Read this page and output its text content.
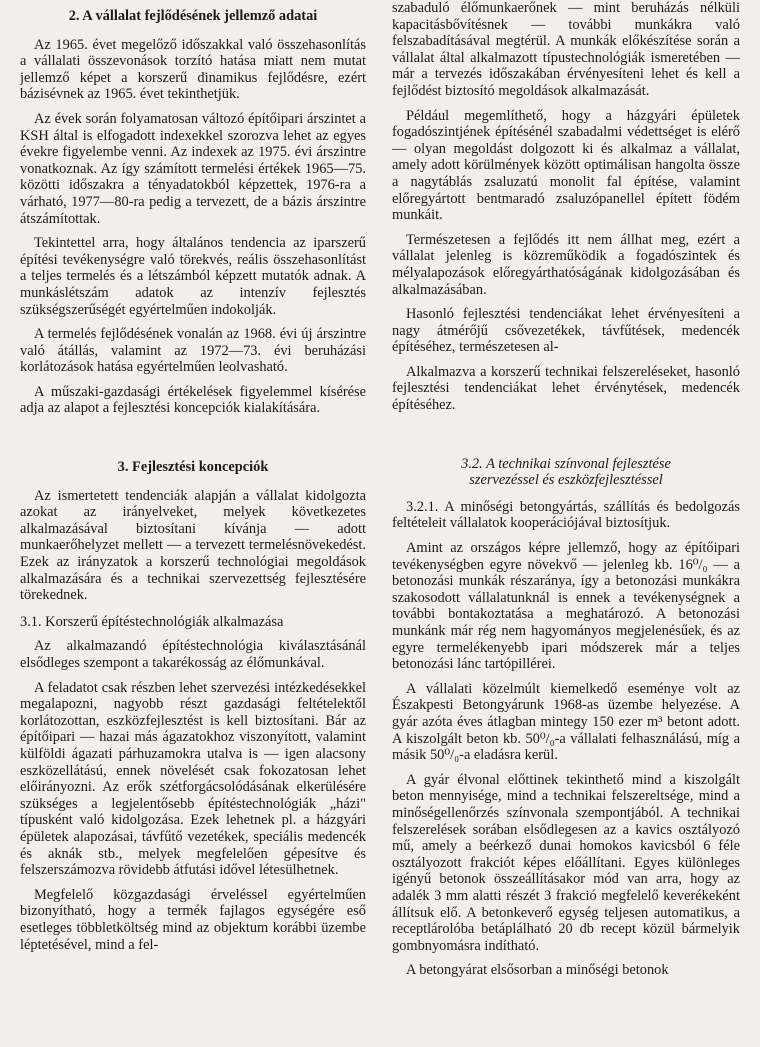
2. A vállalat fejlődésének jellemző adatai

Az 1965. évet megelőző időszakkal való összehasonlítás a vállalati összevonások torzító hatása miatt nem mutat jellemző képet a korszerű dinamikus fejlődésre, ezért bázisévnek az 1965. évet tekinthetjük.

Az évek során folyamatosan változó építőipari árszintet a KSH által is elfogadott indexekkel szorozva lehet az egyes évekre figyelembe venni. Az indexek az 1975. évi árszintre vonatkoznak. Az így számított termelési értékek 1965—75. közötti időszakra a tényadatokból képzettek, 1976-ra a várható, 1977—80-ra pedig a tervezett, de a bázis árszintre átszámítottak.

Tekintettel arra, hogy általános tendencia az iparszerű építési tevékenységre való törekvés, reális összehasonlítást a teljes termelés és a létszámból képzett mutatók adnak. A munkáslétszám adatok az intenzív fejlesztés szükségszerűségét egyértelműen indokolják.

A termelés fejlődésének vonalán az 1968. évi új árszintre való átállás, valamint az 1972—73. évi beruházási korlátozások hatása egyértelműen leolvasható.

A műszaki-gazdasági értékelések figyelemmel kísérése adja az alapot a fejlesztési koncepciók kialakítására.

3. Fejlesztési koncepciók

Az ismertetett tendenciák alapján a vállalat kidolgozta azokat az irányelveket, melyek következetes alkalmazásával biztosítani kívánja — adott munkaerőhelyzet mellett — a tervezett termelésnövekedést. Ezek az irányzatok a korszerű technológiai megoldások alkalmazására és a technikai szervezettség fejlesztésére törekednek.

3.1. Korszerű építéstechnológiák alkalmazása

Az alkalmazandó építéstechnológia kiválasztásánál elsődleges szempont a takarékosság az élőmunkával.

A feladatot csak részben lehet szervezési intézkedésekkel megalapozni, nagyobb részt gazdasági feltételektől korlátozottan, eszközfejlesztést is kell biztosítani. Bár az építőipari — hazai más ágazatokhoz viszonyított, valamint külföldi ágazati párhuzamokra utalva is — igen alacsony eszközellátású, ennek növelését csak fokozatosan lehet előirányozni. Az erők szétforgácsolódásának elkerülésére szükséges a legjelentősebb építéstechnológiák „házi" típusként való kidolgozása. Ezek lehetnek pl. a házgyári épületek alapozásai, távfűtő vezetékek, speciális medencék és aknák stb., melyek megfelelően gépesítve és felszerszámozva rövidebb átfutási idővel létesülhetnek.

Megfelelő közgazdasági érveléssel egyértelműen bizonyítható, hogy a termék fajlagos egységére eső esetleges többletköltség mind az objektum korábbi üzembe léptetésével, mind a fel-

szabaduló élőmunkaerőnek — mint beruházás nélküli kapacitásbővítésnek — további munkákra való felszabadításával megtérül. A munkák előkészítése során a vállalat által alkalmazott típustechnológiák ismeretében — már a tervezés időszakában érvényesíteni lehet és kell a fejlődést biztosító megoldások alkalmazását.

Például megemlíthető, hogy a házgyári épületek fogadószintjének építésénél szabadalmi védettséget is elérő — olyan megoldást dolgozott ki és alkalmaz a vállalat, amely adott körülmények között optimálisan hangolta össze a nagytáblás zsaluzatú monolit fal építése, valamint előregyártott bentmaradó zsaluzópanellel épített födém munkáit.

Természetesen a fejlődés itt nem állhat meg, ezért a vállalat jelenleg is közreműködik a fogadószintek és mélyalapozások előregyárthatóságának kidolgozásában és alkalmazásában.

Hasonló fejlesztési tendenciákat lehet érvényesíteni a nagy átmérőjű csővezetékek, távfűtések, medencék építéséhez, természetesen al-

Alkalmazva a korszerű technikai felszereléseket, hasonló fejlesztési tendenciákat lehet érvénytések, medencék építéséhez.

3.2. A technikai színvonal fejlesztése
szervezéssel és eszközfejlesztéssel

3.2.1. A minőségi betongyártás, szállítás és bedolgozás feltételeit vállalatok kooperációjával biztosítjuk.

Amint az országos képre jellemző, hogy az építőipari tevékenységben egyre növekvő — jelenleg kb. 16⁰/₀ — a betonozási munkák részaránya, így a betonozási munkákra szakosodott vállalatunknál is ennek a tevékenységnek a további bontakoztatása a meghatározó. A betonozási munkánk már rég nem hagyományos megjelenésűek, és az egyre termelékenyebb ipari módszerek már a teljes betonozási lánc tartópillérei.

A vállalati közelmúlt kiemelkedő eseménye volt az Északpesti Betongyárunk 1968-as üzembe helyezése. A gyár azóta éves átlagban mintegy 150 ezer m³ betont adott. A kiszolgált beton kb. 50⁰/₀-a vállalati felhasználású, míg a másik 50⁰/₀-a eladásra kerül.

A gyár élvonal előttinek tekinthető mind a kiszolgált beton mennyisége, mind a technikai felszereltsége, mind a minőségellenőrzés színvonala szempontjából. A technikai felszerelések sorában elsődlegesen az a kavics osztályozó mű, amely a beérkező dunai homokos kavicsból 6 féle osztályozott frakciót képes előállítani. Egyes különleges igényű betonok összeállításakor mód van arra, hogy az adalék 3 mm alatti részét 3 frakció megfelelő keverékeként állítsuk elő. A betonkeverő egység teljesen automatikus, a receptlárolóba betáplálható 20 db recept közül bármelyik gombnyomásra indítható.

A betongyárat elsősorban a minőségi betonok
